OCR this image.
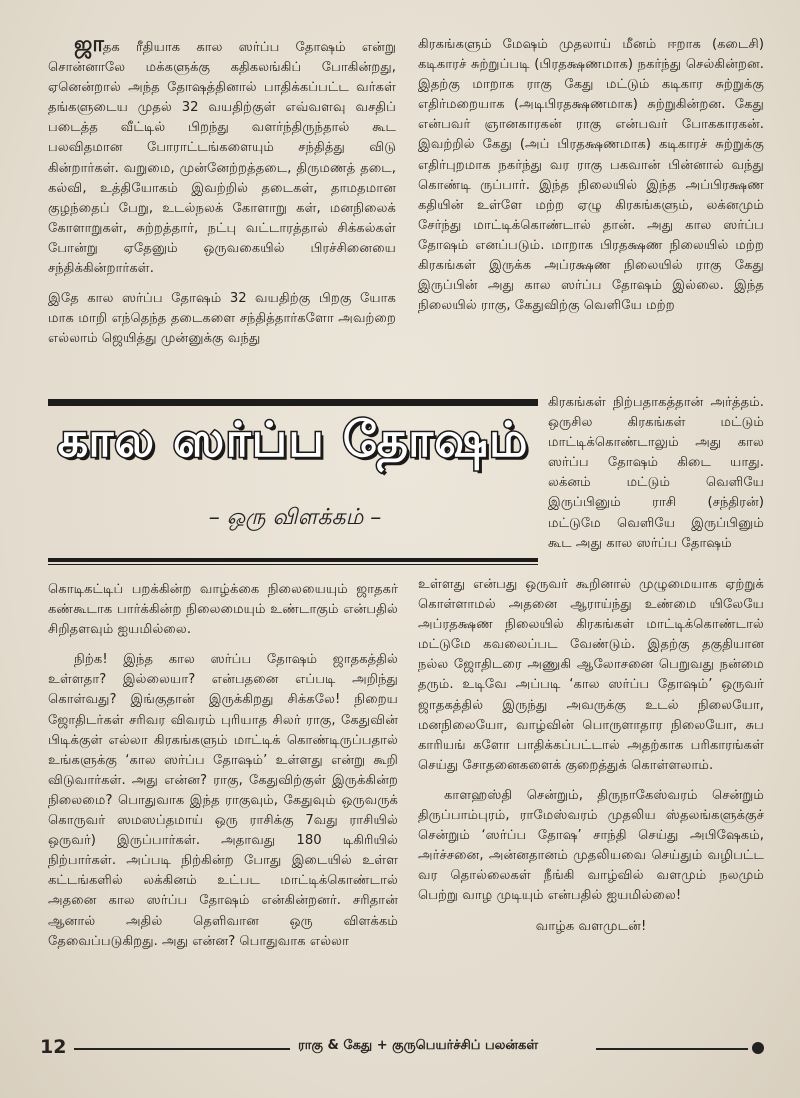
ஜாதக ரீதியாக கால ஸர்ப்ப தோஷம் என்று சொன்னாலே மக்களுக்கு கதிகலங்கிப் போகின்றது, ஏனென்றால் அந்த தோஷத்தினால் பாதிக்கப்பட்ட வர்கள் தங்களுடைய முதல் 32 வயதிற்குள் எவ்வளவு வசதிப் படைத்த வீட்டில் பிறந்து வளர்ந்திருந்தால் கூட பலவிதமான போராட்டங்களையும் சந்தித்து விடு கின்றார்கள். வறுமை, முன்னேற்றத்தடை, திருமணத் தடை, கல்வி, உத்தியோகம் இவற்றில் தடைகள், தாமதமான குழந்தைப் பேறு, உடல்நலக் கோளாறு கள், மனநிலைக் கோளாறுகள், சுற்றத்தார், நட்பு வட்டாரத்தால் சிக்கல்கள் போன்று ஏதேனும் ஒருவகையில் பிரச்சினையை சந்திக்கின்றார்கள்.

இதே கால ஸர்ப்ப தோஷம் 32 வயதிற்கு பிறகு யோக மாக மாறி எந்தெந்த தடைகளை சந்தித்தார்களோ அவற்றை எல்லாம் ஜெயித்து முன்னுக்கு வந்து

கிரகங்களும் மேஷம் முதலாய் மீனம் ஈறாக (கடைசி) கடிகாரச் சுற்றுப்படி (பிரதக்ஷணமாக) நகர்ந்து செல்கின்றன. இதற்கு மாறாக ராகு கேது மட்டும் கடிகார சுற்றுக்கு எதிர்மறையாக (அடிபிரதக்ஷணமாக) சுற்றுகின்றன. கேது என்பவர் ஞானகாரகன் ராகு என்பவர் போககாரகன். இவற்றில் கேது (அப் பிரதக்ஷணமாக) கடிகாரச் சுற்றுக்கு எதிர்புறமாக நகர்ந்து வர ராகு பகவான் பின்னால் வந்து கொண்டி ருப்பார். இந்த நிலையில் இந்த அப்பிரக்ஷண கதியின் உள்ளே மற்ற ஏழு கிரகங்களும், லக்னமும் சேர்ந்து மாட்டிக்கொண்டால் தான். அது கால ஸர்ப்ப தோஷம் எனப்படும். மாறாக பிரதக்ஷண நிலையில் மற்ற கிரகங்கள் இருக்க அப்ரக்ஷண நிலையில் ராகு கேது இருப்பின் அது கால ஸர்ப்ப தோஷம் இல்லை. இந்த நிலையில் ராகு, கேதுவிற்கு வெளியே மற்ற

கால ஸர்ப்ப தோஷம்
– ஒரு விளக்கம் –

கிரகங்கள் நிற்பதாகத்தான் அர்த்தம். ஒருசில கிரகங்கள் மட்டும் மாட்டிக்கொண்டாலும் அது கால ஸர்ப்ப தோஷம் கிடை யாது. லக்னம் மட்டும் வெளியே இருப்பினும் ராசி (சந்திரன்) மட்டுமே வெளியே இருப்பினும் கூட அது கால ஸர்ப்ப தோஷம்

கொடிகட்டிப் பறக்கின்ற வாழ்க்கை நிலையையும் ஜாதகர் கண்கூடாக பார்க்கின்ற நிலைமையும் உண்டாகும் என்பதில் சிறிதளவும் ஐயமில்லை.

நிற்க! இந்த கால ஸர்ப்ப தோஷம் ஜாதகத்தில் உள்ளதா? இல்லையா? என்பதனை எப்படி அறிந்து கொள்வது? இங்குதான் இருக்கிறது சிக்கலே! நிறைய ஜோதிடர்கள் சரிவர விவரம் புரியாத சிலர் ராகு, கேதுவின் பிடிக்குள் எல்லா கிரகங்களும் மாட்டிக் கொண்டிருப்பதால் உங்களுக்கு ‘கால ஸர்ப்ப தோஷம்’ உள்ளது என்று கூறி விடுவார்கள். அது என்ன? ராகு, கேதுவிற்குள் இருக்கின்ற நிலைமை? பொதுவாக இந்த ராகுவும், கேதுவும் ஒருவருக் கொருவர் ஸமஸப்தமாய் ஒரு ராசிக்கு 7வது ராசியில் ஒருவர்) இருப்பார்கள். அதாவது 180 டிகிரியில் நிற்பார்கள். அப்படி நிற்கின்ற போது இடையில் உள்ள கட்டங்களில் லக்கினம் உட்பட மாட்டிக்கொண்டால் அதனை கால ஸர்ப்ப தோஷம் என்கின்றனர். சரிதான் ஆனால் அதில் தெளிவான ஒரு விளக்கம் தேவைப்படுகிறது. அது என்ன? பொதுவாக எல்லா

உள்ளது என்பது ஒருவர் கூறினால் முழுமையாக ஏற்றுக் கொள்ளாமல் அதனை ஆராய்ந்து உண்மை யிலேயே அப்ரதக்ஷண நிலையில் கிரகங்கள் மாட்டிக்கொண்டால் மட்டுமே கவலைப்பட வேண்டும். இதற்கு தகுதியான நல்ல ஜோதிடரை அணுகி ஆலோசனை பெறுவது நன்மை தரும். உடிவே அப்படி ‘கால ஸர்ப்ப தோஷம்’ ஒருவர் ஜாதகத்தில் இருந்து அவருக்கு உடல் நிலையோ, மனநிலையோ, வாழ்வின் பொருளாதார நிலையோ, சுப காரியங் களோ பாதிக்கப்பட்டால் அதற்காக பரிகாரங்கள் செய்து சோதனைகளைக் குறைத்துக் கொள்ளலாம்.

காளஹஸ்தி சென்றும், திருநாகேஸ்வரம் சென்றும் திருப்பாம்புரம், ராமேஸ்வரம் முதலிய ஸ்தலங்களுக்குச் சென்றும் ‘ஸர்ப்ப தோஷ’ சாந்தி செய்து அபிஷேகம், அர்ச்சனை, அன்னதானம் முதலியவை செய்தும் வழிபட்ட வர தொல்லைகள் நீங்கி வாழ்வில் வளமும் நலமும் பெற்று வாழ முடியும் என்பதில் ஐயமில்லை!

வாழ்க வளமுடன்!

12	ராகு & கேது + குருபெயர்ச்சிப் பலன்கள்
